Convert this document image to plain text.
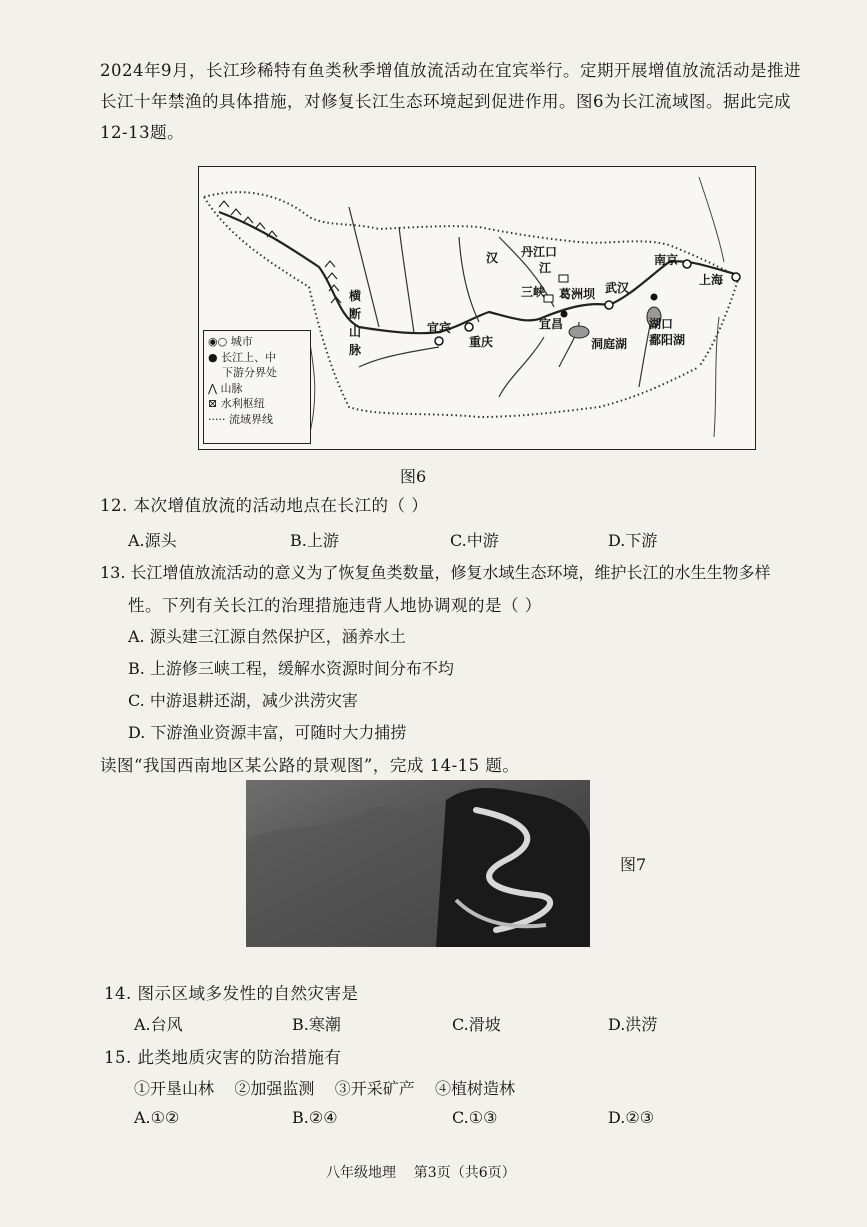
2024年9月，长江珍稀特有鱼类秋季增值放流活动在宜宾举行。定期开展增值放流活动是推进长江十年禁渔的具体措施，对修复长江生态环境起到促进作用。图6为长江流域图。据此完成12-13题。
汉
江
丹江口
南京
上海
武汉
三峡 葛洲坝
宜昌
宜宾
重庆
湖口
鄱阳湖
洞庭湖
横
断
山
脉
◉○ 城市
● 长江上、中
下游分界处
⋀ 山脉
⊠ 水利枢纽
····· 流域界线
图6
12. 本次增值放流的活动地点在长江的（ ）
A.源头	B.上游	C.中游	D.下游
13. 长江增值放流活动的意义为了恢复鱼类数量，修复水域生态环境，维护长江的水生生物多样
性。下列有关长江的治理措施违背人地协调观的是（ ）
A. 源头建三江源自然保护区，涵养水土
B. 上游修三峡工程，缓解水资源时间分布不均
C. 中游退耕还湖，减少洪涝灾害
D. 下游渔业资源丰富，可随时大力捕捞
读图“我国西南地区某公路的景观图”，完成 14-15 题。
图7
14. 图示区域多发性的自然灾害是
A.台风	B.寒潮	C.滑坡	D.洪涝
15. 此类地质灾害的防治措施有
①开垦山林    ②加强监测    ③开采矿产    ④植树造林
A.①②	B.②④	C.①③	D.②③
八年级地理    第3页（共6页）
